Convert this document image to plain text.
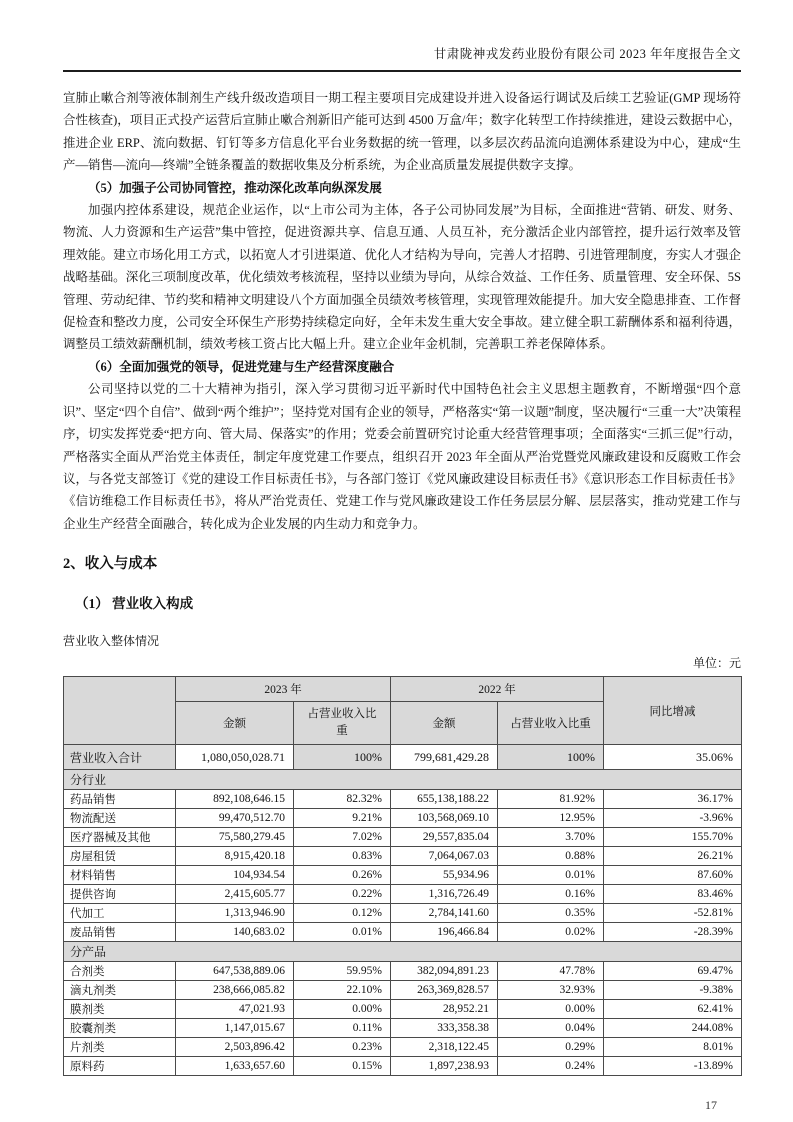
甘肃陇神戎发药业股份有限公司 2023 年年度报告全文

宣肺止嗽合剂等液体制剂生产线升级改造项目一期工程主要项目完成建设并进入设备运行调试及后续工艺验证(GMP 现场符合性核查)，项目正式投产运营后宣肺止嗽合剂新旧产能可达到 4500 万盒/年；数字化转型工作持续推进，建设云数据中心，推进企业 ERP、流向数据、钉钉等多方信息化平台业务数据的统一管理，以多层次药品流向追溯体系建设为中心，建成“生产—销售—流向—终端”全链条覆盖的数据收集及分析系统，为企业高质量发展提供数字支撑。

（5）加强子公司协同管控，推动深化改革向纵深发展

加强内控体系建设，规范企业运作，以“上市公司为主体，各子公司协同发展”为目标，全面推进“营销、研发、财务、物流、人力资源和生产运营”集中管控，促进资源共享、信息互通、人员互补，充分激活企业内部管控，提升运行效率及管理效能。建立市场化用工方式，以拓宽人才引进渠道、优化人才结构为导向，完善人才招聘、引进管理制度，夯实人才强企战略基础。深化三项制度改革，优化绩效考核流程，坚持以业绩为导向，从综合效益、工作任务、质量管理、安全环保、5S 管理、劳动纪律、节约奖和精神文明建设八个方面加强全员绩效考核管理，实现管理效能提升。加大安全隐患排查、工作督促检查和整改力度，公司安全环保生产形势持续稳定向好，全年未发生重大安全事故。建立健全职工薪酬体系和福利待遇，调整员工绩效薪酬机制，绩效考核工资占比大幅上升。建立企业年金机制，完善职工养老保障体系。

（6）全面加强党的领导，促进党建与生产经营深度融合

公司坚持以党的二十大精神为指引，深入学习贯彻习近平新时代中国特色社会主义思想主题教育，不断增强“四个意识”、坚定“四个自信”、做到“两个维护”；坚持党对国有企业的领导，严格落实“第一议题”制度，坚决履行“三重一大”决策程序，切实发挥党委“把方向、管大局、保落实”的作用；党委会前置研究讨论重大经营管理事项；全面落实“三抓三促”行动，严格落实全面从严治党主体责任，制定年度党建工作要点，组织召开 2023 年全面从严治党暨党风廉政建设和反腐败工作会议，与各党支部签订《党的建设工作目标责任书》，与各部门签订《党风廉政建设目标责任书》《意识形态工作目标责任书》《信访维稳工作目标责任书》，将从严治党责任、党建工作与党风廉政建设工作任务层层分解、层层落实，推动党建工作与企业生产经营全面融合，转化成为企业发展的内生动力和竞争力。

2、收入与成本
（1） 营业收入构成
营业收入整体情况
单位：元
	2023 年		2022 年		同比增减
	金额	占营业收入比重	金额	占营业收入比重	
营业收入合计	1,080,050,028.71	100%	799,681,429.28	100%	35.06%
分行业					
药品销售	892,108,646.15	82.32%	655,138,188.22	81.92%	36.17%
物流配送	99,470,512.70	9.21%	103,568,069.10	12.95%	-3.96%
医疗器械及其他	75,580,279.45	7.02%	29,557,835.04	3.70%	155.70%
房屋租赁	8,915,420.18	0.83%	7,064,067.03	0.88%	26.21%
材料销售	104,934.54	0.26%	55,934.96	0.01%	87.60%
提供咨询	2,415,605.77	0.22%	1,316,726.49	0.16%	83.46%
代加工	1,313,946.90	0.12%	2,784,141.60	0.35%	-52.81%
废品销售	140,683.02	0.01%	196,466.84	0.02%	-28.39%
分产品					
合剂类	647,538,889.06	59.95%	382,094,891.23	47.78%	69.47%
滴丸剂类	238,666,085.82	22.10%	263,369,828.57	32.93%	-9.38%
膜剂类	47,021.93	0.00%	28,952.21	0.00%	62.41%
胶囊剂类	1,147,015.67	0.11%	333,358.38	0.04%	244.08%
片剂类	2,503,896.42	0.23%	2,318,122.45	0.29%	8.01%
原料药	1,633,657.60	0.15%	1,897,238.93	0.24%	-13.89%
17
